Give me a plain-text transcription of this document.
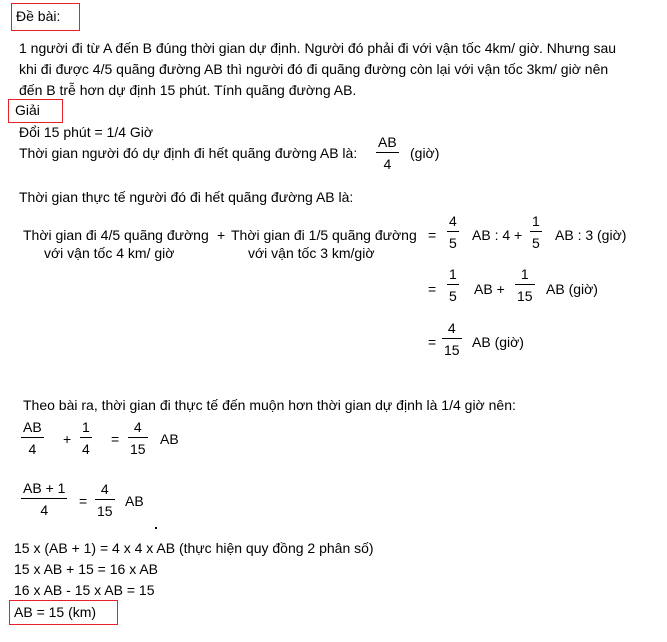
Đề bài:
1 người đi từ A đến B đúng thời gian dự định. Người đó phải đi với vận tốc 4km/ giờ. Nhưng sau
khi đi được 4/5 quãng đường AB thì người đó đi quãng đường còn lại với vận tốc 3km/ giờ nên
đến B trễ hơn dự định 15 phút. Tính quãng đường AB.
Giải
Đổi 15 phút = 1/4 Giờ
Thời gian người đó dự định đi hết quãng đường AB là:
AB
4
(giờ)
Thời gian thực tế người đó đi hết quãng đường AB là:
Thời gian đi 4/5 quãng đường
với vận tốc 4 km/ giờ
+ Thời gian đi 1/5 quãng đường
với vận tốc 3 km/giờ
=
4
5 AB : 4 +
1
5 AB : 3 (giờ)
=
1
5 AB +
1
15 AB (giờ)
=
4
15 AB (giờ)
Theo bài ra, thời gian đi thực tế đến muộn hơn thời gian dự định là 1/4 giờ nên:
AB
4
+
1
4
=
4
15
AB
AB + 1
4
=
4
15
AB
15 x (AB + 1) = 4 x 4 x AB (thực hiện quy đồng 2 phân số)
15 x AB + 15 = 16 x AB
16 x AB - 15 x AB = 15
AB = 15 (km)
